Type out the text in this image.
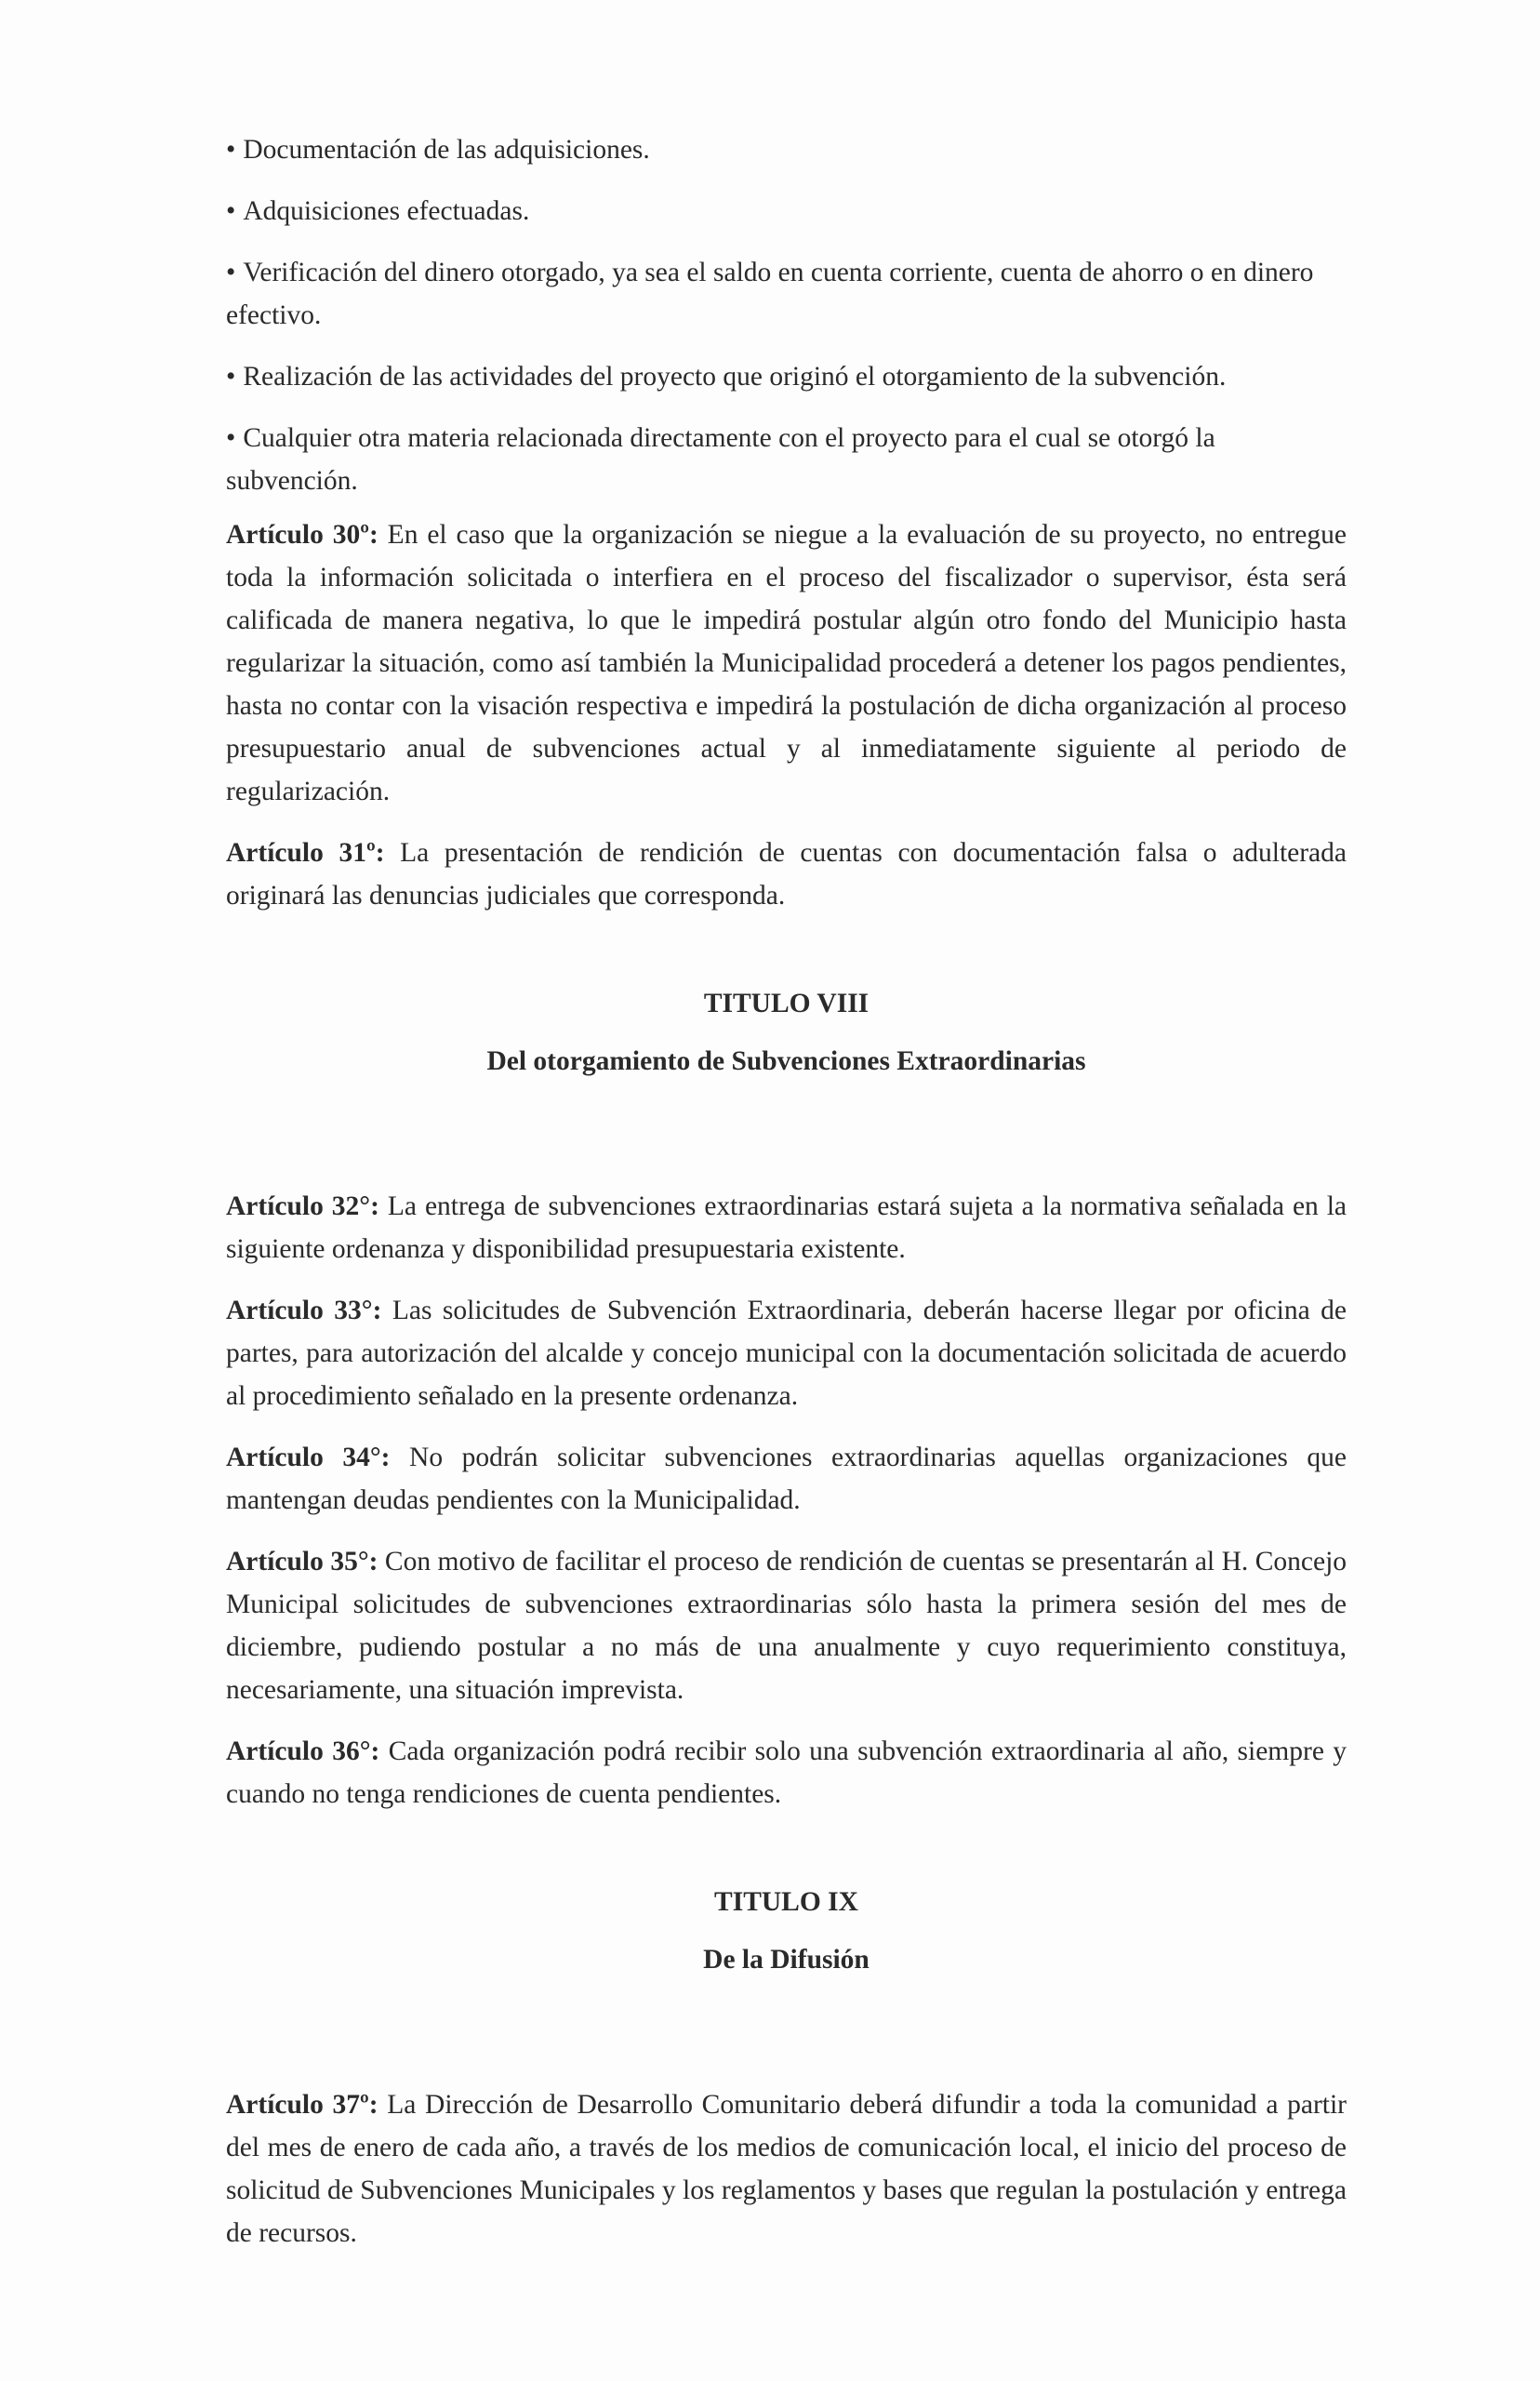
• Documentación de las adquisiciones.

• Adquisiciones efectuadas.

• Verificación del dinero otorgado, ya sea el saldo en cuenta corriente, cuenta de ahorro o en dinero efectivo.

• Realización de las actividades del proyecto que originó el otorgamiento de la subvención.

• Cualquier otra materia relacionada directamente con el proyecto para el cual se otorgó la subvención.

Artículo 30º: En el caso que la organización se niegue a la evaluación de su proyecto, no entregue toda la información solicitada o interfiera en el proceso del fiscalizador o supervisor, ésta será calificada de manera negativa, lo que le impedirá postular algún otro fondo del Municipio hasta regularizar la situación, como así también la Municipalidad procederá a detener los pagos pendientes, hasta no contar con la visación respectiva e impedirá la postulación de dicha organización al proceso presupuestario anual de subvenciones actual y al inmediatamente siguiente al periodo de regularización.

Artículo 31º: La presentación de rendición de cuentas con documentación falsa o adulterada originará las denuncias judiciales que corresponda.

TITULO VIII

Del otorgamiento de Subvenciones Extraordinarias

Artículo 32°: La entrega de subvenciones extraordinarias estará sujeta a la normativa señalada en la siguiente ordenanza y disponibilidad presupuestaria existente.

Artículo 33°: Las solicitudes de Subvención Extraordinaria, deberán hacerse llegar por oficina de partes, para autorización del alcalde y concejo municipal con la documentación solicitada de acuerdo al procedimiento señalado en la presente ordenanza.

Artículo 34°: No podrán solicitar subvenciones extraordinarias aquellas organizaciones que mantengan deudas pendientes con la Municipalidad.

Artículo 35°: Con motivo de facilitar el proceso de rendición de cuentas se presentarán al H. Concejo Municipal solicitudes de subvenciones extraordinarias sólo hasta la primera sesión del mes de diciembre, pudiendo postular a no más de una anualmente y cuyo requerimiento constituya, necesariamente, una situación imprevista.

Artículo 36°: Cada organización podrá recibir solo una subvención extraordinaria al año, siempre y cuando no tenga rendiciones de cuenta pendientes.

TITULO IX

De la Difusión

Artículo 37º: La Dirección de Desarrollo Comunitario deberá difundir a toda la comunidad a partir del mes de enero de cada año, a través de los medios de comunicación local, el inicio del proceso de solicitud de Subvenciones Municipales y los reglamentos y bases que regulan la postulación y entrega de recursos.
